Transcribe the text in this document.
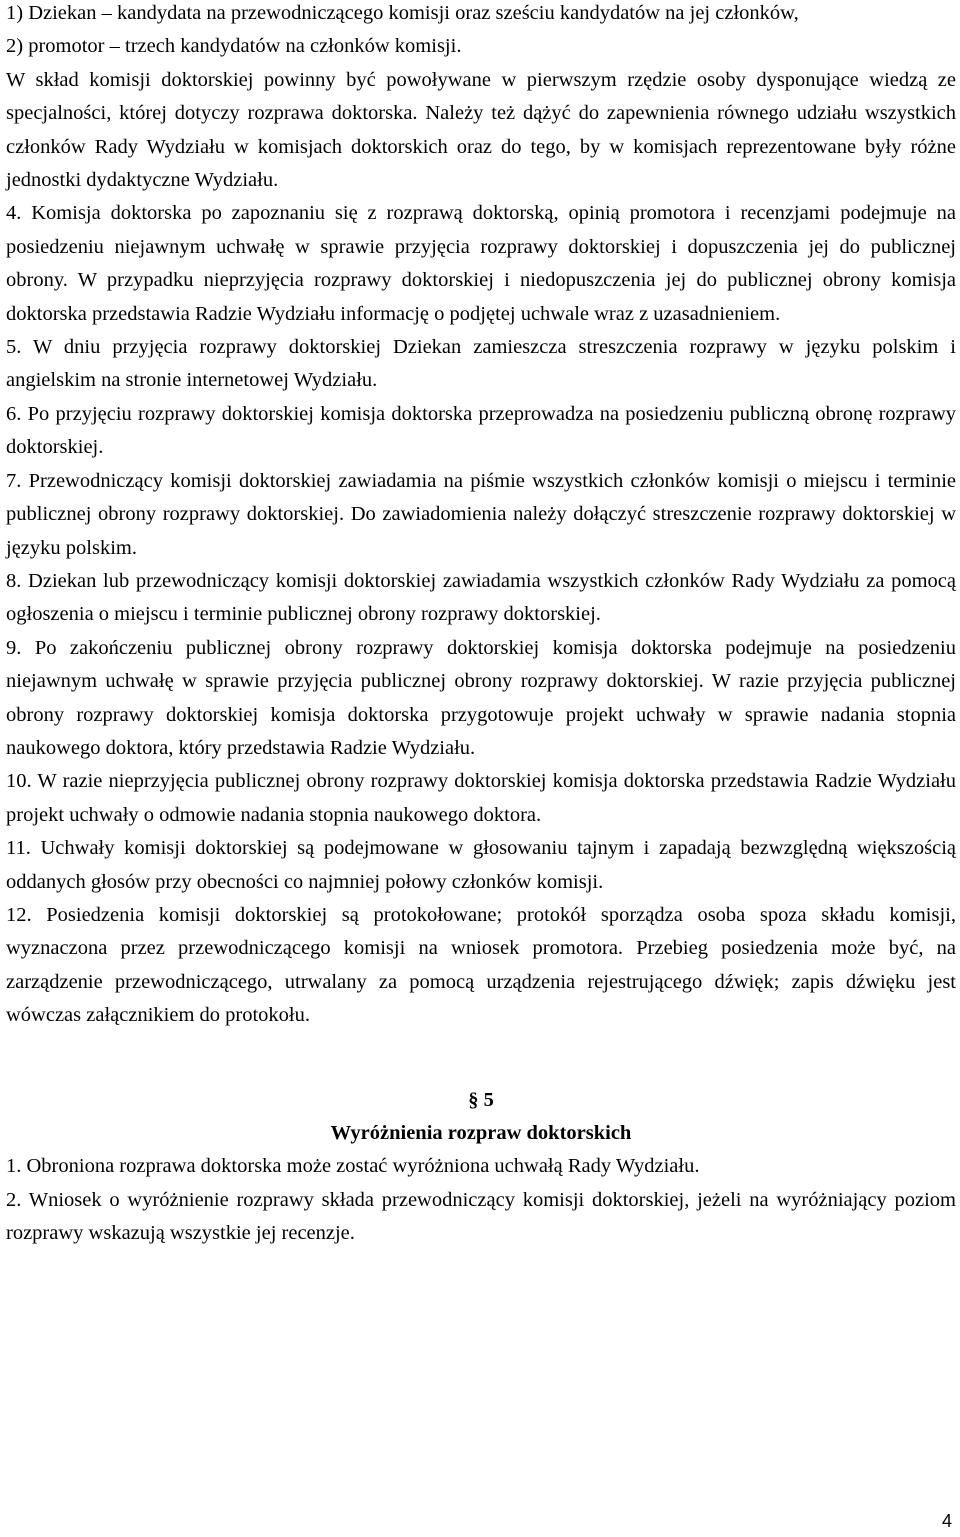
1) Dziekan – kandydata na przewodniczącego komisji oraz sześciu kandydatów na jej członków,

2) promotor – trzech kandydatów na członków komisji.

W skład komisji doktorskiej powinny być powoływane w pierwszym rzędzie osoby dysponujące wiedzą ze specjalności, której dotyczy rozprawa doktorska. Należy też dążyć do zapewnienia równego udziału wszystkich członków Rady Wydziału w komisjach doktorskich oraz do tego, by w komisjach reprezentowane były różne jednostki dydaktyczne Wydziału.

4. Komisja doktorska po zapoznaniu się z rozprawą doktorską, opinią promotora i recenzjami podejmuje na posiedzeniu niejawnym uchwałę w sprawie przyjęcia rozprawy doktorskiej i dopuszczenia jej do publicznej obrony. W przypadku nieprzyjęcia rozprawy doktorskiej i niedopuszczenia jej do publicznej obrony komisja doktorska przedstawia Radzie Wydziału informację o podjętej uchwale wraz z uzasadnieniem.

5. W dniu przyjęcia rozprawy doktorskiej Dziekan zamieszcza streszczenia rozprawy w języku polskim i angielskim na stronie internetowej Wydziału.

6. Po przyjęciu rozprawy doktorskiej komisja doktorska przeprowadza na posiedzeniu publiczną obronę rozprawy doktorskiej.

7. Przewodniczący komisji doktorskiej zawiadamia na piśmie wszystkich członków komisji o miejscu i terminie publicznej obrony rozprawy doktorskiej. Do zawiadomienia należy dołączyć streszczenie rozprawy doktorskiej w języku polskim.

8. Dziekan lub przewodniczący komisji doktorskiej zawiadamia wszystkich członków Rady Wydziału za pomocą ogłoszenia o miejscu i terminie publicznej obrony rozprawy doktorskiej.

9. Po zakończeniu publicznej obrony rozprawy doktorskiej komisja doktorska podejmuje na posiedzeniu niejawnym uchwałę w sprawie przyjęcia publicznej obrony rozprawy doktorskiej. W razie przyjęcia publicznej obrony rozprawy doktorskiej komisja doktorska przygotowuje projekt uchwały w sprawie nadania stopnia naukowego doktora, który przedstawia Radzie Wydziału.

10. W razie nieprzyjęcia publicznej obrony rozprawy doktorskiej komisja doktorska przedstawia Radzie Wydziału projekt uchwały o odmowie nadania stopnia naukowego doktora.

11. Uchwały komisji doktorskiej są podejmowane w głosowaniu tajnym i zapadają bezwzględną większością oddanych głosów przy obecności co najmniej połowy członków komisji.

12. Posiedzenia komisji doktorskiej są protokołowane; protokół sporządza osoba spoza składu komisji, wyznaczona przez przewodniczącego komisji na wniosek promotora. Przebieg posiedzenia może być, na zarządzenie przewodniczącego, utrwalany za pomocą urządzenia rejestrującego dźwięk; zapis dźwięku jest wówczas załącznikiem do protokołu.

§ 5

Wyróżnienia rozpraw doktorskich

1. Obroniona rozprawa doktorska może zostać wyróżniona uchwałą Rady Wydziału.

2. Wniosek o wyróżnienie rozprawy składa przewodniczący komisji doktorskiej, jeżeli na wyróżniający poziom rozprawy wskazują wszystkie jej recenzje.

4
